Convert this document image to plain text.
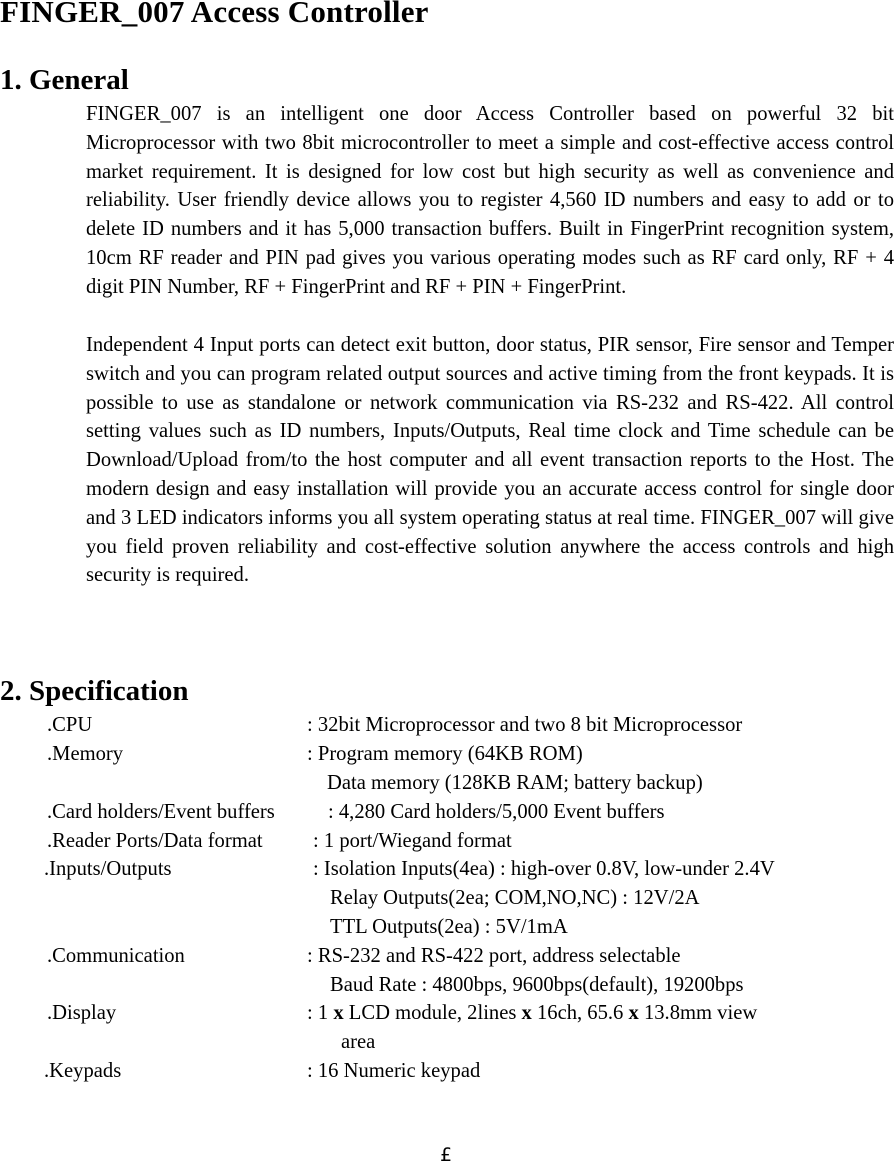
FINGER_007 Access Controller
1. General
FINGER_007 is an intelligent one door Access Controller based on powerful 32 bit Microprocessor with two 8bit microcontroller to meet a simple and cost-effective access control market requirement. It is designed for low cost but high security as well as convenience and reliability. User friendly device allows you to register 4,560 ID numbers and easy to add or to delete ID numbers and it has 5,000 transaction buffers. Built in FingerPrint recognition system, 10cm RF reader and PIN pad gives you various operating modes such as RF card only, RF + 4 digit PIN Number, RF + FingerPrint and RF + PIN + FingerPrint.
Independent 4 Input ports can detect exit button, door status, PIR sensor, Fire sensor and Temper switch and you can program related output sources and active timing from the front keypads. It is possible to use as standalone or network communication via RS-232 and RS-422. All control setting values such as ID numbers, Inputs/Outputs, Real time clock and Time schedule can be Download/Upload from/to the host computer and all event transaction reports to the Host. The modern design and easy installation will provide you an accurate access control for single door and 3 LED indicators informs you all system operating status at real time. FINGER_007 will give you field proven reliability and cost-effective solution anywhere the access controls and high security is required.
2. Specification
.CPU	: 32bit Microprocessor and two 8 bit Microprocessor
.Memory	: Program memory (64KB ROM)
Data memory (128KB RAM; battery backup)
.Card holders/Event buffers	: 4,280 Card holders/5,000 Event buffers
.Reader Ports/Data format : 1 port/Wiegand format
.Inputs/Outputs	: Isolation Inputs(4ea) : high-over 0.8V, low-under 2.4V
Relay Outputs(2ea; COM,NO,NC) : 12V/2A
TTL Outputs(2ea) : 5V/1mA
.Communication	: RS-232 and RS-422 port, address selectable
Baud Rate : 4800bps, 9600bps(default), 19200bps
.Display	: 1 x LCD module, 2lines x 16ch, 65.6 x 13.8mm view
area
.Keypads	: 16 Numeric keypad
£
